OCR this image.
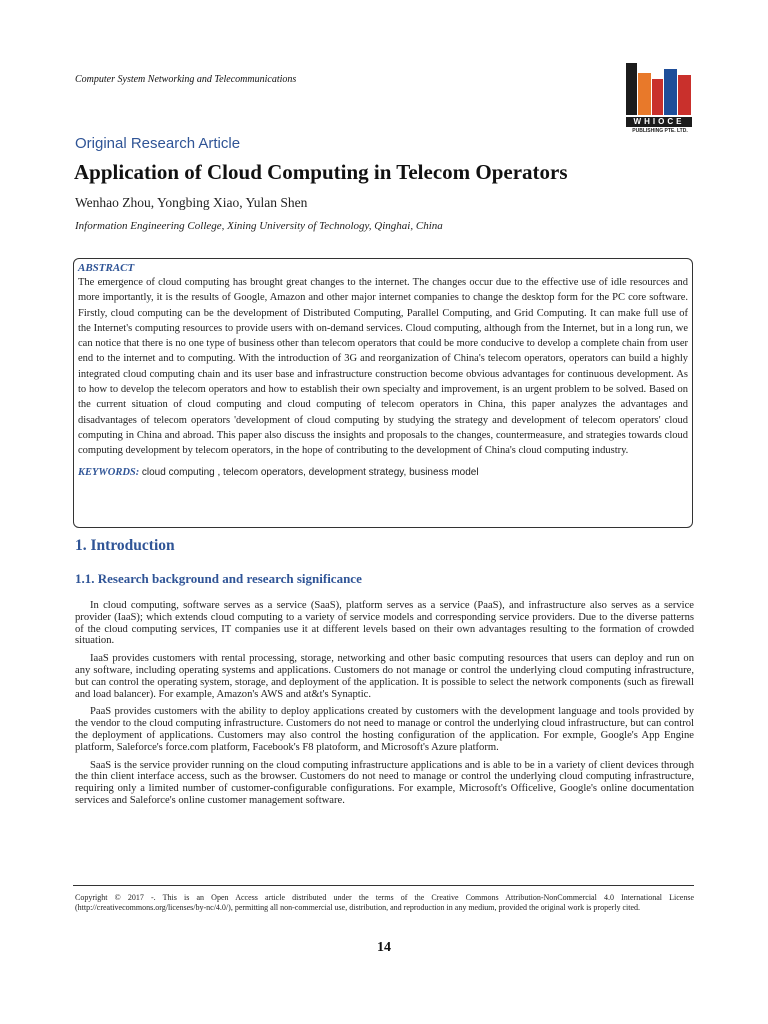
Computer System Networking and Telecommunications
WHIOCE
PUBLISHING PTE. LTD.
Original Research Article
Application of Cloud Computing in Telecom Operators
Wenhao Zhou, Yongbing Xiao, Yulan Shen
Information Engineering College, Xining University of Technology, Qinghai, China
ABSTRACT

The emergence of cloud computing has brought great changes to the internet. The changes occur due to the effective use of idle resources and more importantly, it is the results of Google, Amazon and other major internet companies to change the desktop form for the PC core software. Firstly, cloud computing can be the development of Distributed Computing, Parallel Computing, and Grid Computing. It can make full use of the Internet's computing resources to provide users with on-demand services. Cloud computing, although from the Internet, but in a long run, we can notice that there is no one type of business other than telecom operators that could be more conducive to develop a complete chain from user end to the internet and to computing. With the introduction of 3G and reorganization of China's telecom operators, operators can build a highly integrated cloud computing chain and its user base and infrastructure construction become obvious advantages for continuous development. As to how to develop the telecom operators and how to establish their own specialty and improvement, is an urgent problem to be solved. Based on the current situation of cloud computing and cloud computing of telecom operators in China, this paper analyzes the advantages and disadvantages of telecom operators 'development of cloud computing by studying the strategy and development of telecom operators' cloud computing in China and abroad. This paper also discuss the insights and proposals to the changes, countermeasure, and strategies towards cloud computing development by telecom operators, in the hope of contributing to the development of China's cloud computing industry.

KEYWORDS: cloud computing , telecom operators, development strategy, business model
1. Introduction
1.1. Research background and research significance

In cloud computing, software serves as a service (SaaS), platform serves as a service (PaaS), and infrastructure also serves as a service provider (IaaS); which extends cloud computing to a variety of service models and corresponding service providers. Due to the diverse patterns of the cloud computing services, IT companies use it at different levels based on their own advantages resulting to the formation of crowded situation.

IaaS provides customers with rental processing, storage, networking and other basic computing resources that users can deploy and run on any software, including operating systems and applications. Customers do not manage or control the underlying cloud computing infrastructure, but can control the operating system, storage, and deployment of the application. It is possible to select the network components (such as firewall and load balancer). For example, Amazon's AWS and at&t's Synaptic.

PaaS provides customers with the ability to deploy applications created by customers with the development language and tools provided by the vendor to the cloud computing infrastructure. Customers do not need to manage or control the underlying cloud infrastructure, but can control the deployment of applications. Customers may also control the hosting configuration of the application. For exmple, Google's App Engine platform, Saleforce's force.com platform, Facebook's F8 platoform, and Microsoft's Azure platform.

SaaS is the service provider running on the cloud computing infrastructure applications and is able to be in a variety of client devices through the thin client interface access, such as the browser. Customers do not need to manage or control the underlying cloud computing infrastructure, requiring only a limited number of customer-configurable configurations. For example, Microsoft's Officelive, Google's online documentation services and Saleforce's online customer management software.

Copyright © 2017 -. This is an Open Access article distributed under the terms of the Creative Commons Attribution-NonCommercial 4.0 International License (http://creativecommons.org/licenses/by-nc/4.0/), permitting all non-commercial use, distribution, and reproduction in any medium, provided the original work is properly cited.

14
